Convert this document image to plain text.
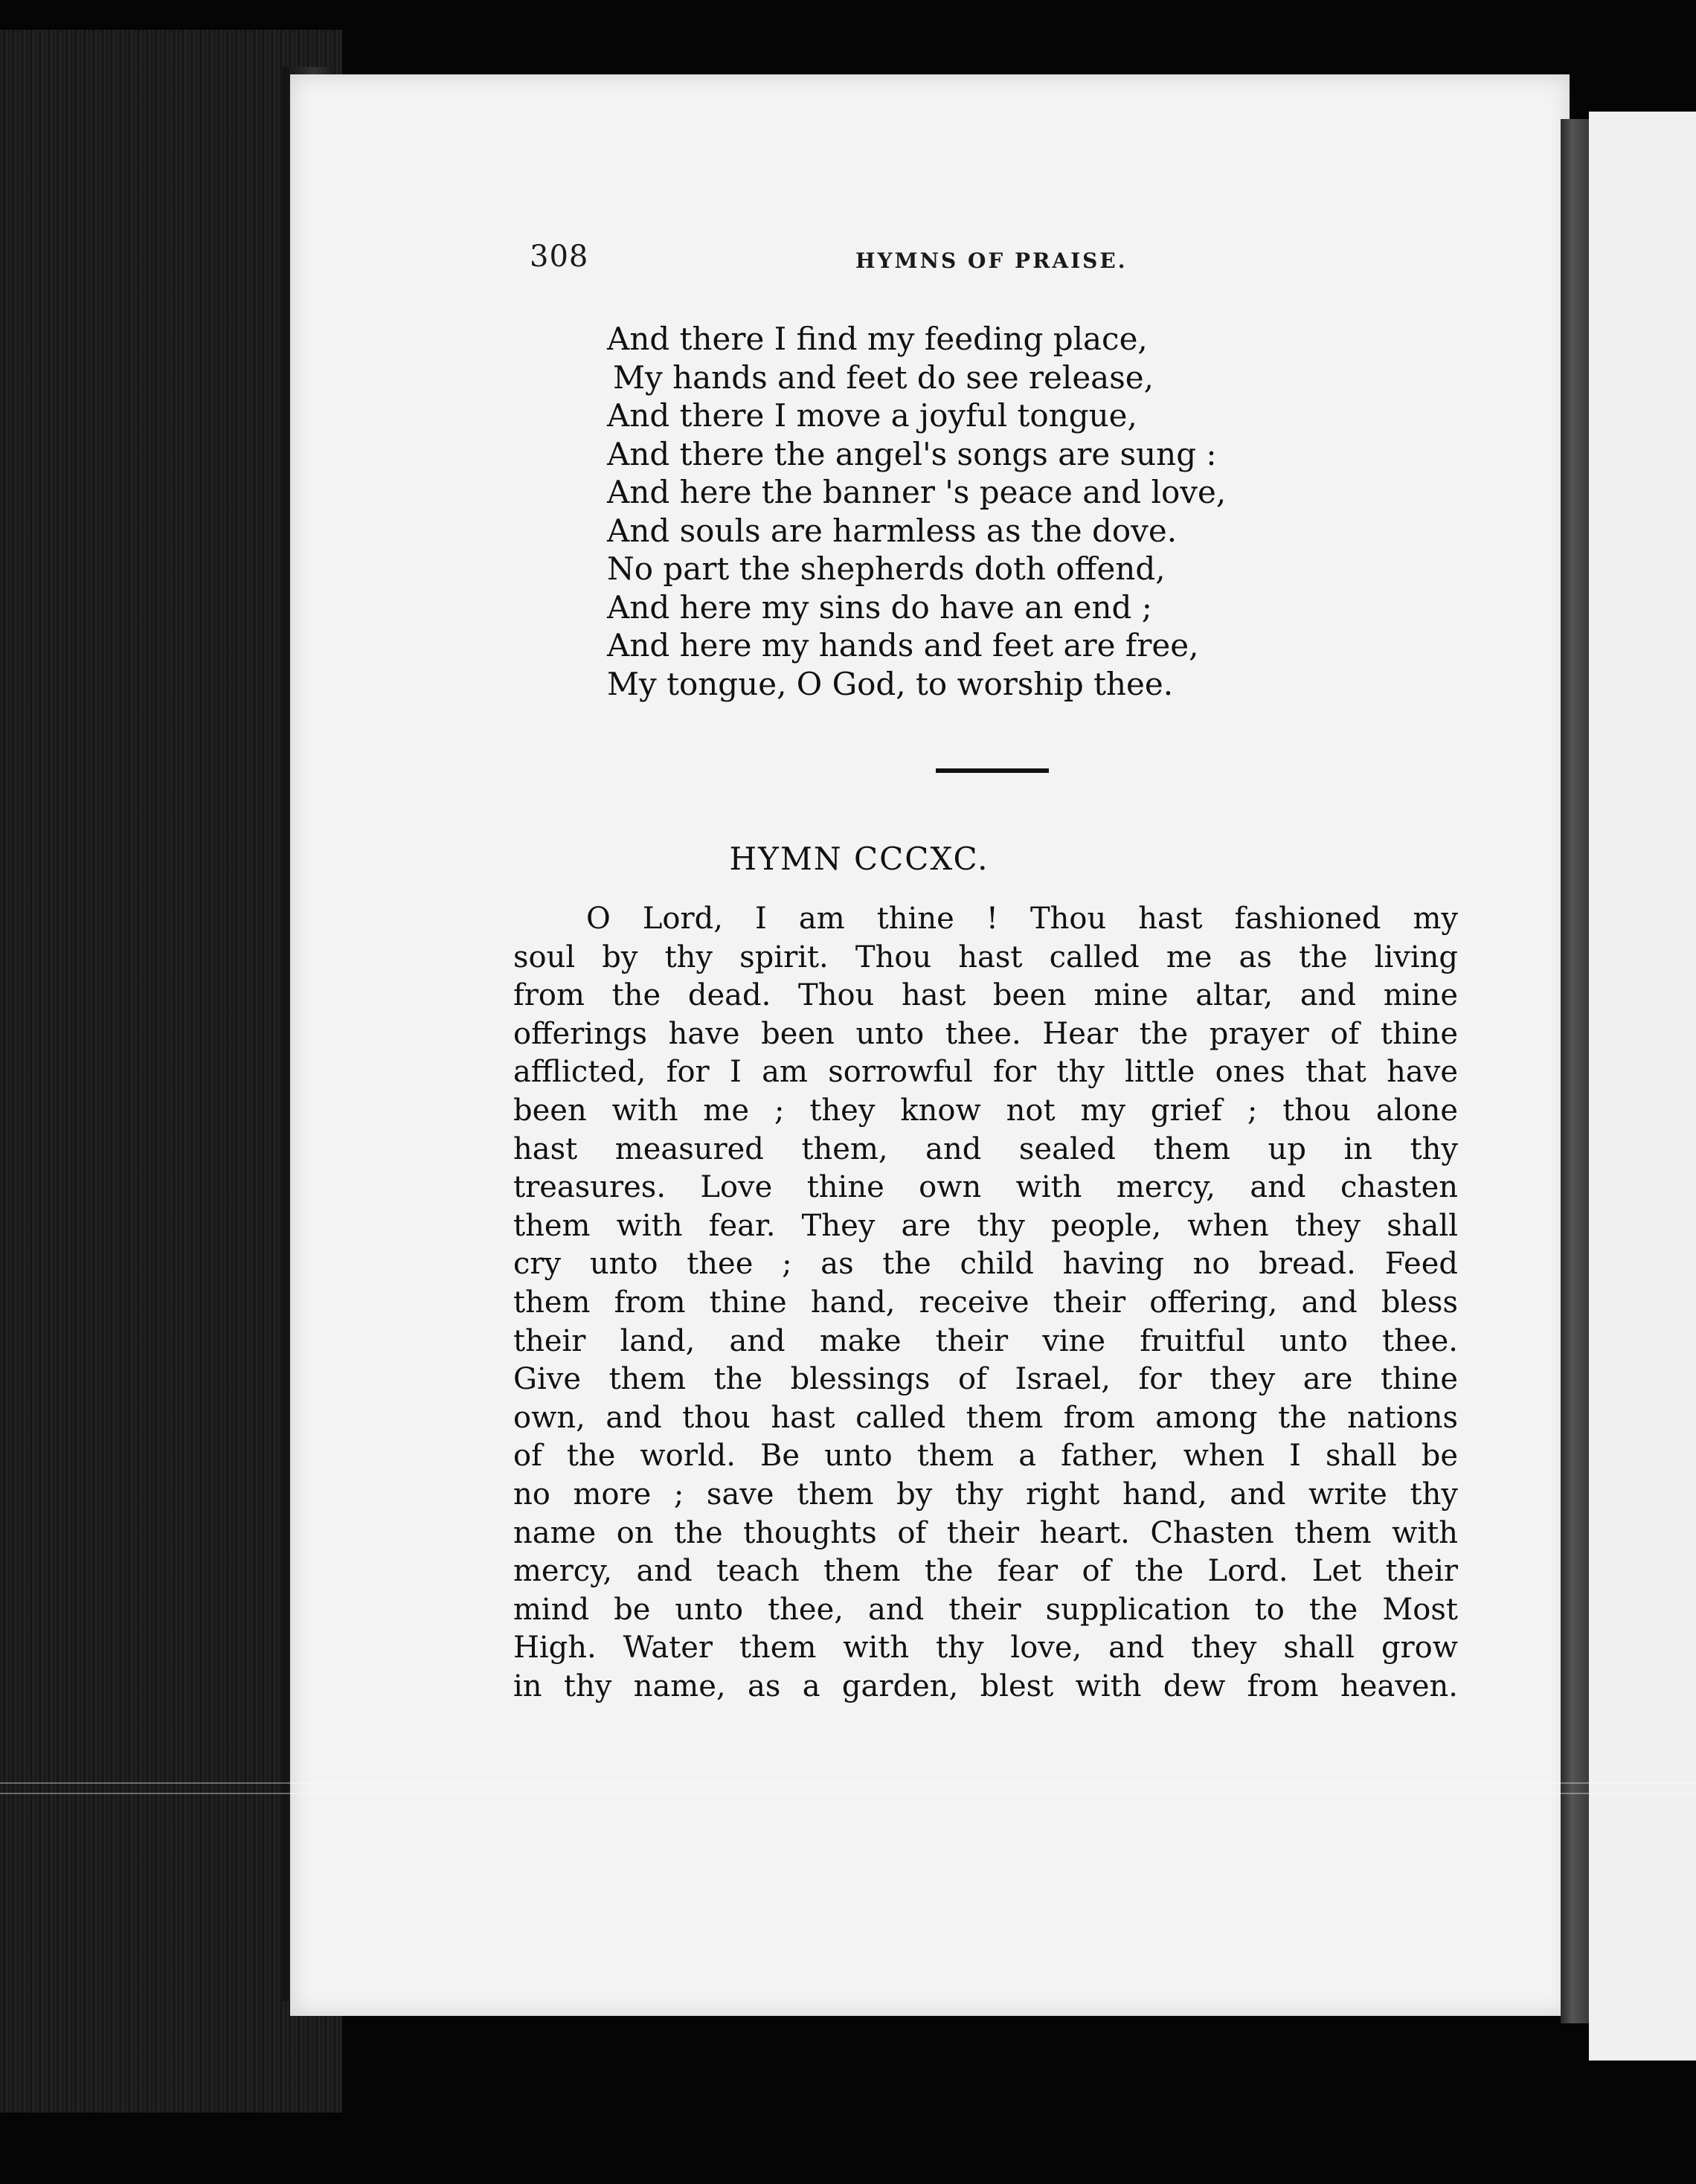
308	HYMNS OF PRAISE.
And there I find my feeding place,
My hands and feet do see release,
And there I move a joyful tongue,
And there the angel's songs are sung :
And here the banner 's peace and love,
And souls are harmless as the dove.
No part the shepherds doth offend,
And here my sins do have an end ;
And here my hands and feet are free,
My tongue, O God, to worship thee.
HYMN CCCXC.
O Lord, I am thine ! Thou hast fashioned my
soul by thy spirit. Thou hast called me as the living
from the dead. Thou hast been mine altar, and mine
offerings have been unto thee. Hear the prayer of thine
afflicted, for I am sorrowful for thy little ones that have
been with me ; they know not my grief ; thou alone
hast measured them, and sealed them up in thy
treasures. Love thine own with mercy, and chasten
them with fear. They are thy people, when they shall
cry unto thee ; as the child having no bread. Feed
them from thine hand, receive their offering, and bless
their land, and make their vine fruitful unto thee.
Give them the blessings of Israel, for they are thine
own, and thou hast called them from among the nations
of the world. Be unto them a father, when I shall be
no more ; save them by thy right hand, and write thy
name on the thoughts of their heart. Chasten them with
mercy, and teach them the fear of the Lord. Let their
mind be unto thee, and their supplication to the Most
High. Water them with thy love, and they shall grow
in thy name, as a garden, blest with dew from heaven.
